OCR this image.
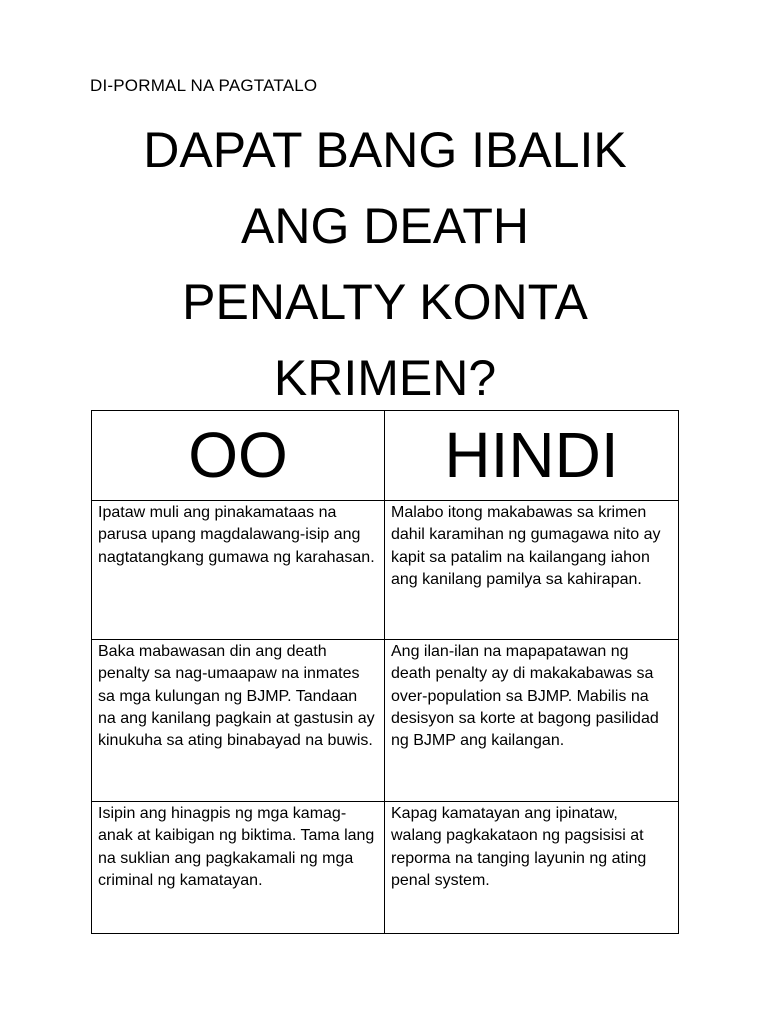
DI-PORMAL NA PAGTATALO
DAPAT BANG IBALIK
ANG DEATH
PENALTY KONTA
KRIMEN?
OO	HINDI
Ipataw muli ang pinakamataas na parusa upang magdalawang-isip ang nagtatangkang gumawa ng karahasan.	Malabo itong makabawas sa krimen dahil karamihan ng gumagawa nito ay kapit sa patalim na kailangang iahon ang kanilang pamilya sa kahirapan.
Baka mabawasan din ang death penalty sa nag-umaapaw na inmates sa mga kulungan ng BJMP. Tandaan na ang kanilang pagkain at gastusin ay kinukuha sa ating binabayad na buwis.	Ang ilan-ilan na mapapatawan ng death penalty ay di makakabawas sa over-population sa BJMP. Mabilis na desisyon sa korte at bagong pasilidad ng BJMP ang kailangan.
Isipin ang hinagpis ng mga kamag-anak at kaibigan ng biktima. Tama lang na suklian ang pagkakamali ng mga criminal ng kamatayan.	Kapag kamatayan ang ipinataw, walang pagkakataon ng pagsisisi at reporma na tanging layunin ng ating penal system.
